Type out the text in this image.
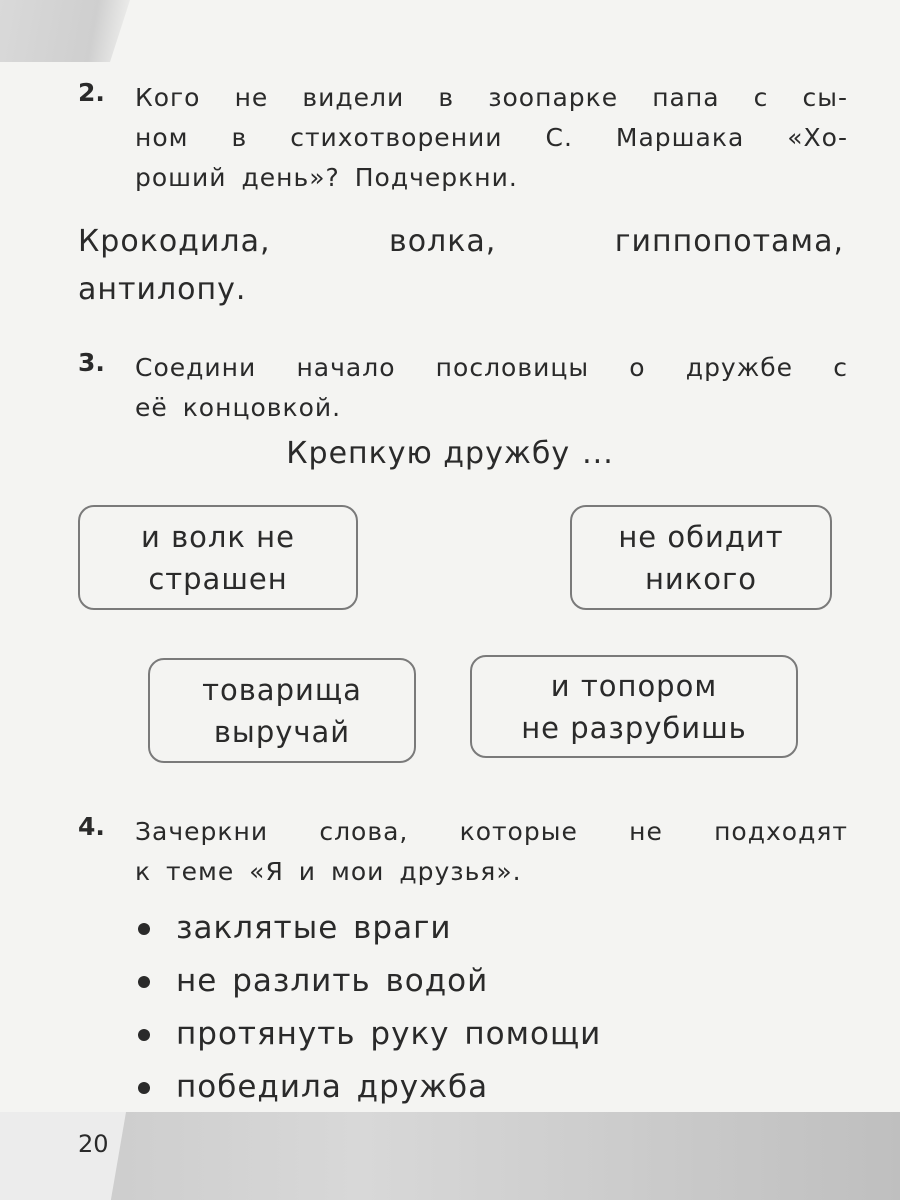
2. Кого не видели в зоопарке папа с сы-
ном в стихотворении С. Маршака «Хо-
роший день»? Подчеркни.
Крокодила, волка, гиппопотама,
антилопу.
3. Соедини начало пословицы о дружбе с
её концовкой.
Крепкую дружбу ...
и волк не
страшен
не обидит
никого
товарища
выручай
и топором
не разрубишь
4. Зачеркни слова, которые не подходят
к теме «Я и мои друзья».
заклятые враги
не разлить водой
протянуть руку помощи
победила дружба
20
